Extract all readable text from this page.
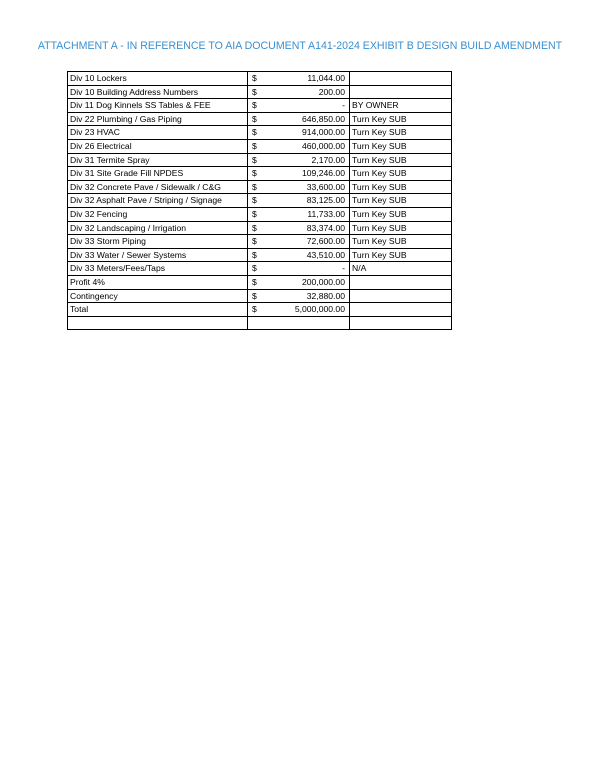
ATTACHMENT A - IN REFERENCE TO AIA DOCUMENT A141-2024 EXHIBIT B DESIGN BUILD AMENDMENT
Div 10 Lockers	$ 11,044.00	

Div 10 Building Address Numbers	$ 200.00	

Div 11 Dog Kinnels SS Tables & FEE	$ -	BY OWNER
Div 22 Plumbing / Gas Piping	$ 646,850.00	Turn Key SUB
Div 23 HVAC	$ 914,000.00	Turn Key SUB
Div 26 Electrical	$ 460,000.00	Turn Key SUB
Div 31 Termite Spray	$ 2,170.00	Turn Key SUB
Div 31 Site Grade Fill NPDES	$ 109,246.00	Turn Key SUB
Div 32 Concrete Pave / Sidewalk / C&G	$ 33,600.00	Turn Key SUB
Div 32 Asphalt Pave / Striping / Signage	$ 83,125.00	Turn Key SUB
Div 32 Fencing	$ 11,733.00	Turn Key SUB
Div 32 Landscaping / Irrigation	$ 83,374.00	Turn Key SUB
Div 33 Storm Piping	$ 72,600.00	Turn Key SUB
Div 33 Water / Sewer Systems	$ 43,510.00	Turn Key SUB
Div 33 Meters/Fees/Taps	$ -	N/A
Profit 4%	$ 200,000.00	

Contingency	$ 32,880.00	

Total	$ 5,000,000.00	
